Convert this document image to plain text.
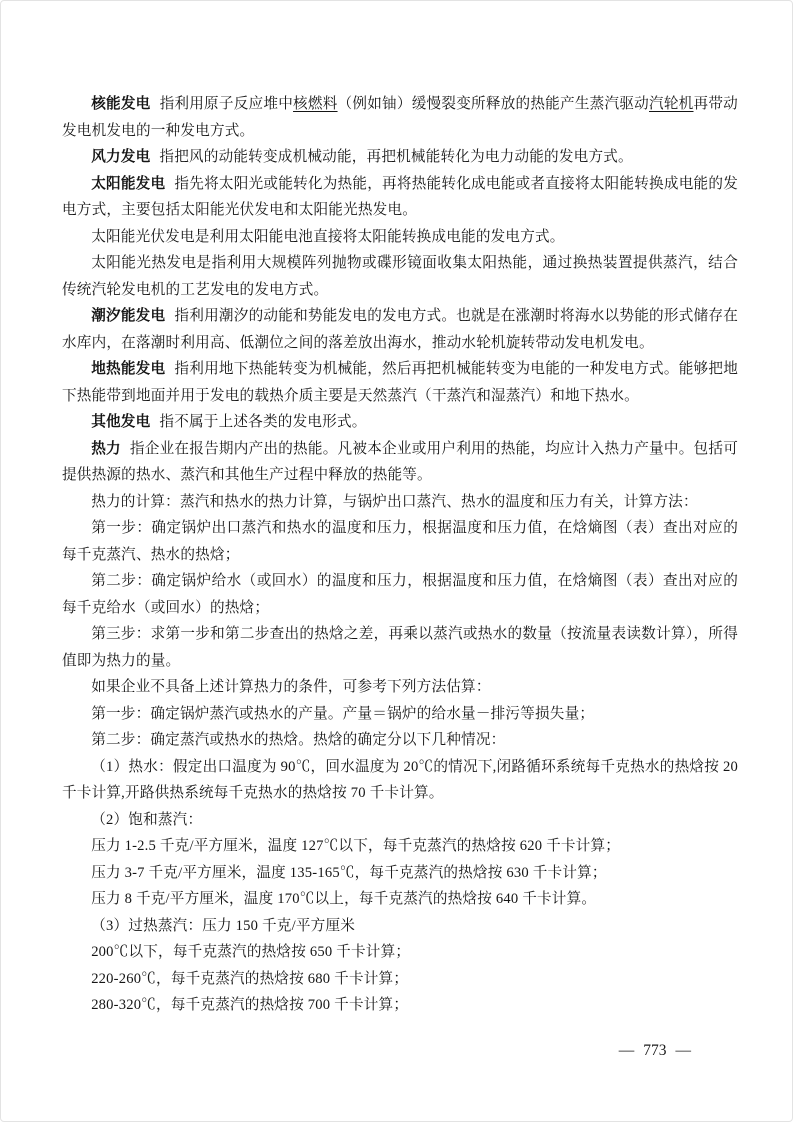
核能发电 指利用原子反应堆中核燃料（例如铀）缓慢裂变所释放的热能产生蒸汽驱动汽轮机再带动发电机发电的一种发电方式。

风力发电 指把风的动能转变成机械动能，再把机械能转化为电力动能的发电方式。

太阳能发电 指先将太阳光或能转化为热能，再将热能转化成电能或者直接将太阳能转换成电能的发电方式，主要包括太阳能光伏发电和太阳能光热发电。

太阳能光伏发电是利用太阳能电池直接将太阳能转换成电能的发电方式。

太阳能光热发电是指利用大规模阵列抛物或碟形镜面收集太阳热能，通过换热装置提供蒸汽，结合传统汽轮发电机的工艺发电的发电方式。

潮汐能发电 指利用潮汐的动能和势能发电的发电方式。也就是在涨潮时将海水以势能的形式储存在水库内，在落潮时利用高、低潮位之间的落差放出海水，推动水轮机旋转带动发电机发电。

地热能发电 指利用地下热能转变为机械能，然后再把机械能转变为电能的一种发电方式。能够把地下热能带到地面并用于发电的载热介质主要是天然蒸汽（干蒸汽和湿蒸汽）和地下热水。

其他发电 指不属于上述各类的发电形式。

热力 指企业在报告期内产出的热能。凡被本企业或用户利用的热能，均应计入热力产量中。包括可提供热源的热水、蒸汽和其他生产过程中释放的热能等。

热力的计算：蒸汽和热水的热力计算，与锅炉出口蒸汽、热水的温度和压力有关，计算方法：

第一步：确定锅炉出口蒸汽和热水的温度和压力，根据温度和压力值，在焓熵图（表）查出对应的每千克蒸汽、热水的热焓；

第二步：确定锅炉给水（或回水）的温度和压力，根据温度和压力值，在焓熵图（表）查出对应的每千克给水（或回水）的热焓；

第三步：求第一步和第二步查出的热焓之差，再乘以蒸汽或热水的数量（按流量表读数计算），所得值即为热力的量。

如果企业不具备上述计算热力的条件，可参考下列方法估算：

第一步：确定锅炉蒸汽或热水的产量。产量＝锅炉的给水量－排污等损失量；

第二步：确定蒸汽或热水的热焓。热焓的确定分以下几种情况：

（1）热水：假定出口温度为 90℃，回水温度为 20℃的情况下,闭路循环系统每千克热水的热焓按 20 千卡计算,开路供热系统每千克热水的热焓按 70 千卡计算。

（2）饱和蒸汽：

压力 1-2.5 千克/平方厘米，温度 127℃以下，每千克蒸汽的热焓按 620 千卡计算；

压力 3-7 千克/平方厘米，温度 135-165℃，每千克蒸汽的热焓按 630 千卡计算；

压力 8 千克/平方厘米，温度 170℃以上，每千克蒸汽的热焓按 640 千卡计算。

（3）过热蒸汽：压力 150 千克/平方厘米

200℃以下，每千克蒸汽的热焓按 650 千卡计算；

220-260℃，每千克蒸汽的热焓按 680 千卡计算；

280-320℃，每千克蒸汽的热焓按 700 千卡计算；

— 773 —
